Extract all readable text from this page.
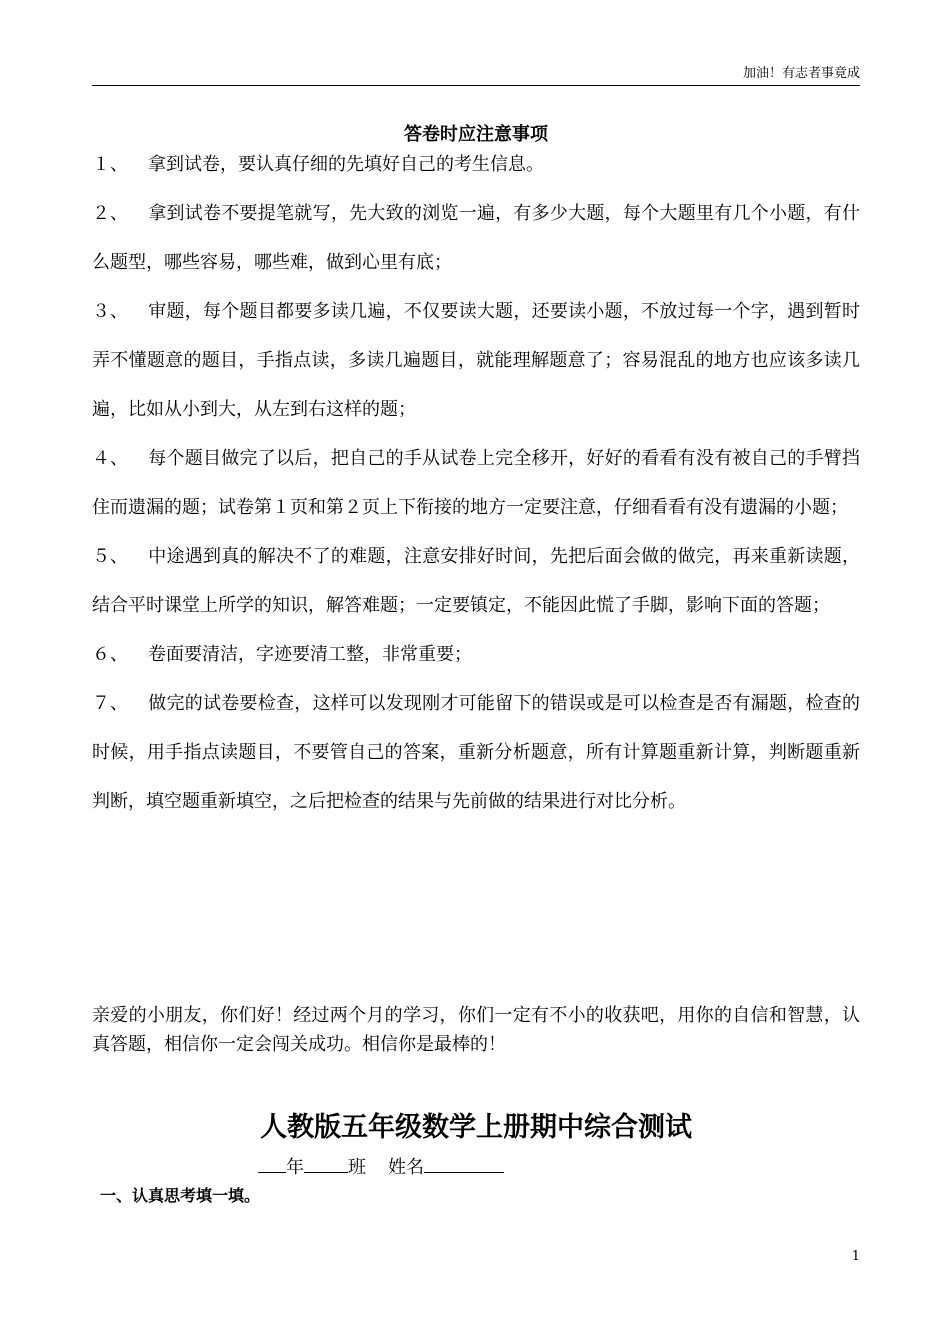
加油！有志者事竟成
答卷时应注意事项

１、 拿到试卷，要认真仔细的先填好自己的考生信息。

２、 拿到试卷不要提笔就写，先大致的浏览一遍，有多少大题，每个大题里有几个小题，有什么题型，哪些容易，哪些难，做到心里有底；

３、 审题，每个题目都要多读几遍，不仅要读大题，还要读小题，不放过每一个字，遇到暂时弄不懂题意的题目，手指点读，多读几遍题目，就能理解题意了；容易混乱的地方也应该多读几遍，比如从小到大，从左到右这样的题；

４、 每个题目做完了以后，把自己的手从试卷上完全移开，好好的看看有没有被自己的手臂挡住而遗漏的题；试卷第１页和第２页上下衔接的地方一定要注意，仔细看看有没有遗漏的小题；

５、 中途遇到真的解决不了的难题，注意安排好时间，先把后面会做的做完，再来重新读题，结合平时课堂上所学的知识，解答难题；一定要镇定，不能因此慌了手脚，影响下面的答题；

６、 卷面要清洁，字迹要清工整，非常重要；

７、 做完的试卷要检查，这样可以发现刚才可能留下的错误或是可以检查是否有漏题，检查的时候，用手指点读题目，不要管自己的答案，重新分析题意，所有计算题重新计算，判断题重新判断，填空题重新填空，之后把检查的结果与先前做的结果进行对比分析。

亲爱的小朋友，你们好！经过两个月的学习，你们一定有不小的收获吧，用你的自信和智慧，认真答题，相信你一定会闯关成功。相信你是最棒的！

人教版五年级数学上册期中综合测试
年 班 姓名
一、认真思考填一填。
1
